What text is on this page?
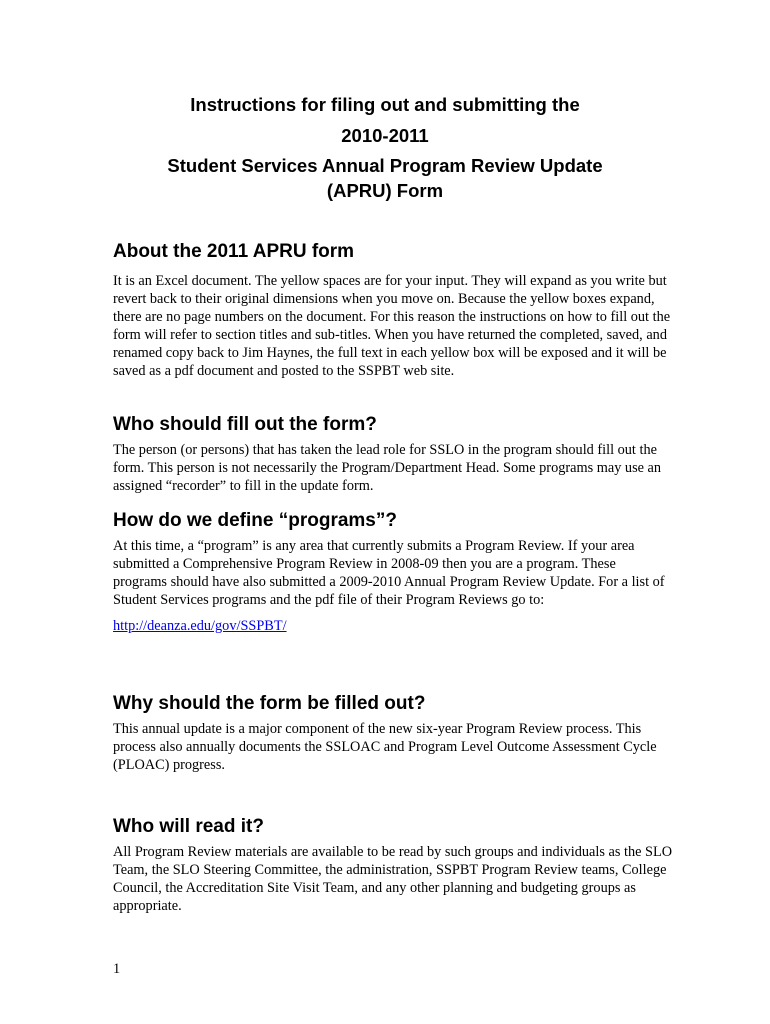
Instructions for filing out and submitting the
2010-2011
Student Services Annual Program Review Update
(APRU) Form
About the 2011 APRU form

It is an Excel document. The yellow spaces are for your input. They will expand as you write but revert back to their original dimensions when you move on. Because the yellow boxes expand, there are no page numbers on the document. For this reason the instructions on how to fill out the form will refer to section titles and sub-titles. When you have returned the completed, saved, and renamed copy back to Jim Haynes, the full text in each yellow box will be exposed and it will be saved as a pdf document and posted to the SSPBT web site.

Who should fill out the form?

The person (or persons) that has taken the lead role for SSLO in the program should fill out the form. This person is not necessarily the Program/Department Head. Some programs may use an assigned “recorder” to fill in the update form.

How do we define “programs”?

At this time, a “program” is any area that currently submits a Program Review. If your area submitted a Comprehensive Program Review in 2008-09 then you are a program. These programs should have also submitted a 2009-2010 Annual Program Review Update. For a list of Student Services programs and the pdf file of their Program Reviews go to:

http://deanza.edu/gov/SSPBT/
Why should the form be filled out?

This annual update is a major component of the new six-year Program Review process. This process also annually documents the SSLOAC and Program Level Outcome Assessment Cycle (PLOAC) progress.

Who will read it?

All Program Review materials are available to be read by such groups and individuals as the SLO Team, the SLO Steering Committee, the administration, SSPBT Program Review teams, College Council, the Accreditation Site Visit Team, and any other planning and budgeting groups as appropriate.

1
